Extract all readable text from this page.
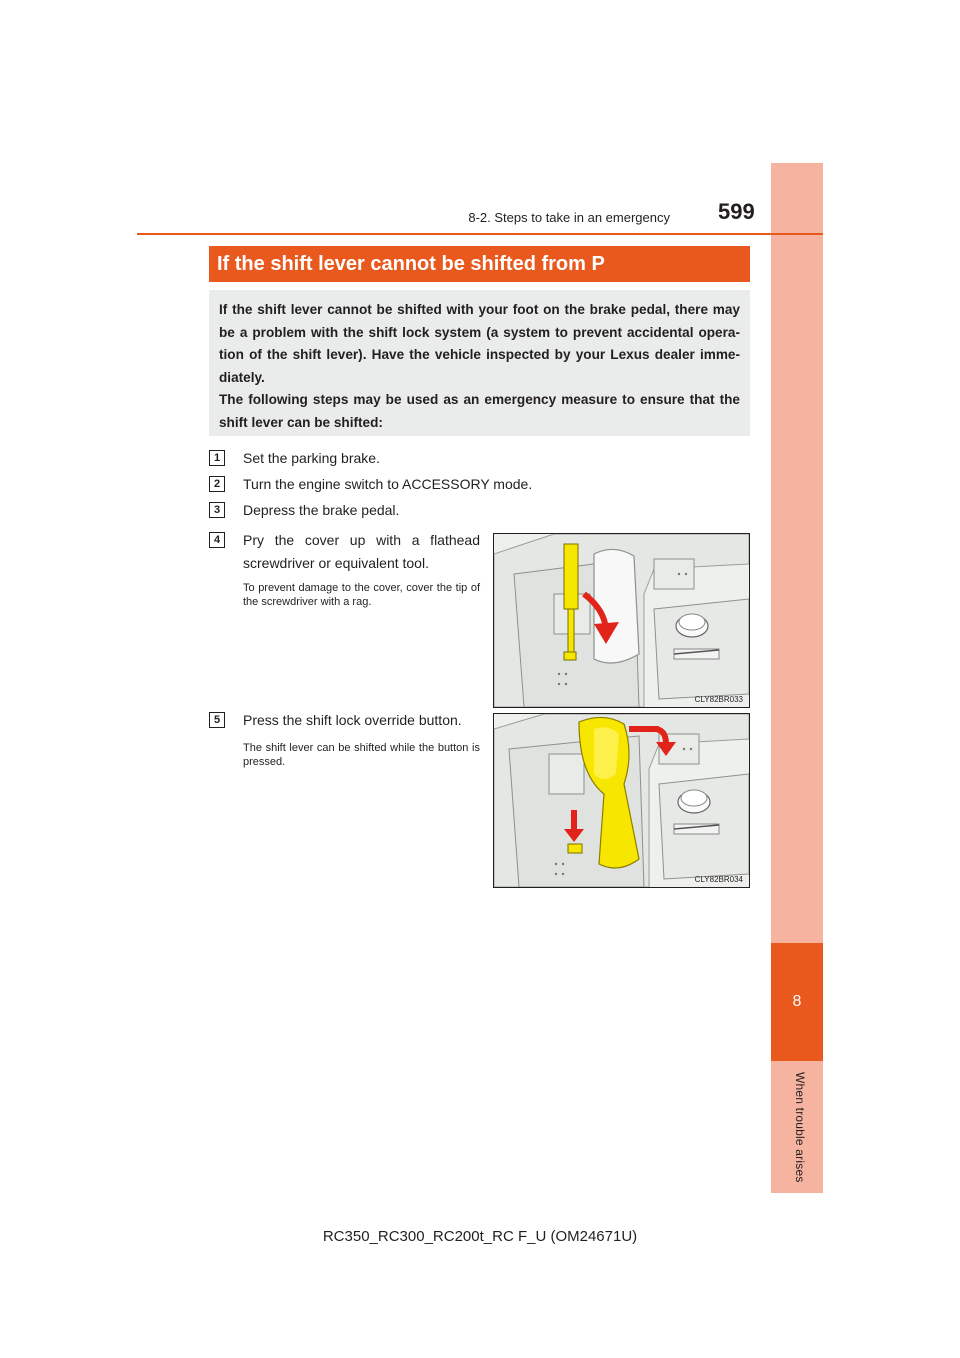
8
When trouble arises
8-2. Steps to take in an emergency 599
If the shift lever cannot be shifted from P

If the shift lever cannot be shifted with your foot on the brake pedal, there may be a problem with the shift lock system (a system to prevent accidental opera- tion of the shift lever). Have the vehicle inspected by your Lexus dealer imme- diately.

The following steps may be used as an emergency measure to ensure that the shift lever can be shifted:

1	Set the parking brake.
2	Turn the engine switch to ACCESSORY mode.
3	Depress the brake pedal.
4	Pry the cover up with a flathead screwdriver or equivalent tool.
To prevent damage to the cover, cover the tip of the screwdriver with a rag.
CLY82BR033
5	Press the shift lock override button.
The shift lever can be shifted while the button is pressed.
CLY82BR034
RC350_RC300_RC200t_RC F_U (OM24671U)
